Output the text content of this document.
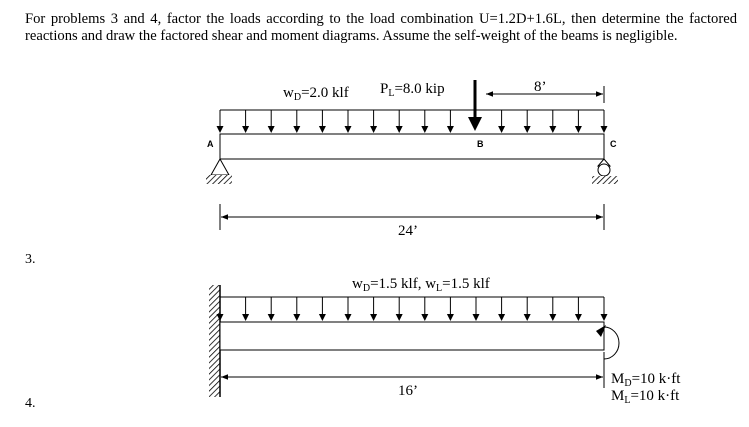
For problems 3 and 4, factor the loads according to the load combination U=1.2D+1.6L, then determine the factored reactions and draw the factored shear and moment diagrams. Assume the self-weight of the beams is negligible.

3.
4.
$w_D=2.0$ klf $P_L=8.0$ kip	8’
A	B	C
24’
$w_D=1.5$ klf, $w_L=1.5$ klf
16’
$M_D=10$ k·ft
$M_L=10$ k·ft
